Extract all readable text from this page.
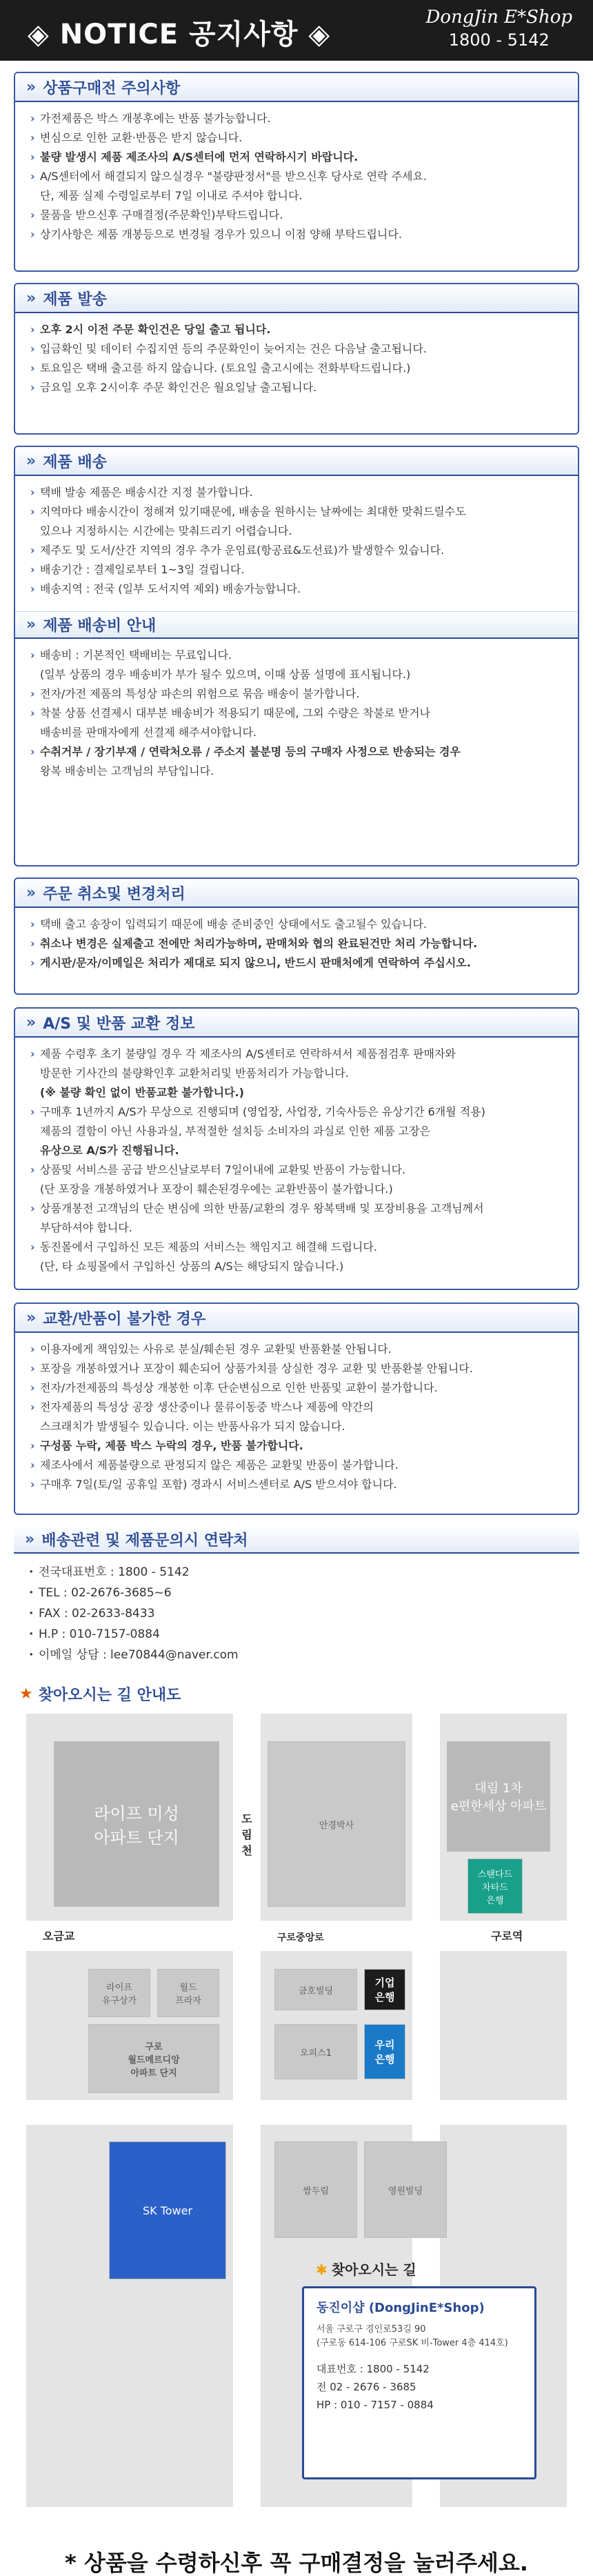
◈ NOTICE 공지사항 ◈
DongJin E*Shop
1800 - 5142
» 상품구매전 주의사항
› 가전제품은 박스 개봉후에는 반품 불가능합니다.
› 변심으로 인한 교환·반품은 받지 않습니다.
› 불량 발생시 제품 제조사의 A/S센터에 먼저 연락하시기 바랍니다.
› A/S센터에서 해결되지 않으실경우 "불량판정서"를 받으신후 당사로 연락 주세요.
단, 제품 실제 수령일로부터 7일 이내로 주셔야 합니다.
› 물품을 받으신후 구매결정(주문확인)부탁드립니다.
› 상기사항은 제품 개봉등으로 변경될 경우가 있으니 이점 양해 부탁드립니다.
» 제품 발송
› 오후 2시 이전 주문 확인건은 당일 출고 됩니다.
› 입금확인 및 데이터 수집지연 등의 주문확인이 늦어지는 건은 다음날 출고됩니다.
› 토요일은 택배 출고를 하지 않습니다. (토요일 출고시에는 전화부탁드립니다.)
› 금요일 오후 2시이후 주문 확인건은 월요일날 출고됩니다.
» 제품 배송
› 택배 발송 제품은 배송시간 지정 불가합니다.
› 지역마다 배송시간이 정해져 있기때문에, 배송을 원하시는 날짜에는 최대한 맞춰드릴수도
있으나 지정하시는 시간에는 맞춰드리기 어렵습니다.
› 제주도 및 도서/산간 지역의 경우 추가 운임료(항공료&도선료)가 발생할수 있습니다.
› 배송기간 : 결제일로부터 1~3일 걸립니다.
› 배송지역 : 전국 (일부 도서지역 제외) 배송가능합니다.
» 제품 배송비 안내
› 배송비 : 기본적인 택배비는 무료입니다.
(일부 상품의 경우 배송비가 부가 될수 있으며, 이때 상품 설명에 표시됩니다.)
› 전자/가전 제품의 특성상 파손의 위험으로 묶음 배송이 불가합니다.
› 착불 상품 선결제시 대부분 배송비가 적용되기 때문에, 그외 수량은 착불로 받거나
배송비를 판매자에게 선결제 해주셔야합니다.
› 수취거부 / 장기부재 / 연락처오류 / 주소지 불분명 등의 구매자 사정으로 반송되는 경우
왕복 배송비는 고객님의 부담입니다.
» 주문 취소및 변경처리
› 택배 출고 송장이 입력되기 때문에 배송 준비중인 상태에서도 출고될수 있습니다.
› 취소나 변경은 실제출고 전에만 처리가능하며, 판매처와 협의 완료된건만 처리 가능합니다.
› 게시판/문자/이메일은 처리가 제대로 되지 않으니, 반드시 판매처에게 연락하여 주십시오.
» A/S 및 반품 교환 정보
› 제품 수령후 초기 불량일 경우 각 제조사의 A/S센터로 연락하셔서 제품점검후 판매자와
방문한 기사간의 불량확인후 교환처리및 반품처리가 가능합니다.
(※ 불량 확인 없이 반품교환 불가합니다.)
› 구매후 1년까지 A/S가 무상으로 진행되며 (영업장, 사업장, 기숙사등은 유상기간 6개월 적용)
제품의 결함이 아닌 사용과실, 부적절한 설치등 소비자의 과실로 인한 제품 고장은
유상으로 A/S가 진행됩니다.
› 상품및 서비스를 공급 받으신날로부터 7일이내에 교환및 반품이 가능합니다.
(단 포장을 개봉하였거나 포장이 훼손된경우에는 교환반품이 불가합니다.)
› 상품개봉전 고객님의 단순 변심에 의한 반품/교환의 경우 왕복택배 및 포장비용을 고객님께서
부담하셔야 합니다.
› 동진몰에서 구입하신 모든 제품의 서비스는 책임지고 해결해 드립니다.
(단, 타 쇼핑몰에서 구입하신 상품의 A/S는 해당되지 않습니다.)
» 교환/반품이 불가한 경우
› 이용자에게 책임있는 사유로 분실/훼손된 경우 교환및 반품환불 안됩니다.
› 포장을 개봉하였거나 포장이 훼손되어 상품가치를 상실한 경우 교환 및 반품환불 안됩니다.
› 전자/가전제품의 특성상 개봉한 이후 단순변심으로 인한 반품및 교환이 불가합니다.
› 전자제품의 특성상 공장 생산중이나 물류이동중 박스나 제품에 약간의
스크래치가 발생될수 있습니다. 이는 반품사유가 되지 않습니다.
› 구성품 누락, 제품 박스 누락의 경우, 반품 불가합니다.
› 제조사에서 제품불량으로 판정되지 않은 제품은 교환및 반품이 불가합니다.
› 구매후 7일(토/일 공휴일 포함) 경과시 서비스센터로 A/S 받으셔야 합니다.
» 배송관련 및 제품문의시 연락처
· 전국대표번호 : 1800 - 5142
· TEL : 02-2676-3685~6
· FAX : 02-2633-8433
· H.P : 010-7157-0884
· 이메일 상담 : lee70844@naver.com
★ 찾아오시는 길 안내도
라이프 미성
아파트 단지
안경박사
대림 1차
e편한세상 아파트
스탠다드
차타드
은행
오금교	구로중앙로	구로역
도림천
라이프
유구상가
월드
프라자
구로
월드메르디앙
아파트 단지
금호빌딩
기업
은행
오피스1
우리
은행
SK Tower
쌈두림	영원빌딩
✱ 찾아오시는 길
동진이샵 (DongJinE*Shop)
서울 구로구 경인로53길 90
(구로동 614-106 구로SK 비-Tower 4층 414호)
대표번호 : 1800 - 5142
전 02 - 2676 - 3685
HP : 010 - 7157 - 0884
* 상품을 수령하신후 꼭 구매결정을 눌러주세요.
